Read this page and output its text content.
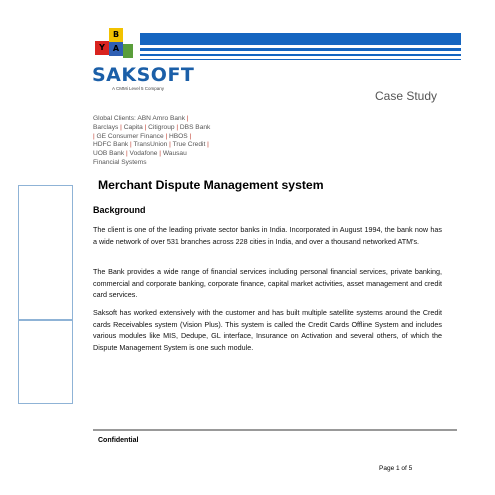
B
Y	A
SAKSOFT
A CMMi Level 5 Company
Case Study
Global Clients: ABN Amro Bank | Barclays | Capita | Citigroup | DBS Bank | GE Consumer Finance | HBOS | HDFC Bank | TransUnion | True Credit | UOB Bank | Vodafone | Wausau Financial Systems
Merchant Dispute Management system
Background
The client is one of the leading private sector banks in India. Incorporated in August 1994, the bank now has a wide network of over 531 branches across 228 cities in India, and over a thousand networked ATM's.
The Bank provides a wide range of financial services including personal financial services, private banking, commercial and corporate banking, corporate finance, capital market activities, asset management and credit card services.
Saksoft has worked extensively with the customer and has built multiple satellite systems around the Credit cards Receivables system (Vision Plus). This system is called the Credit Cards Offline System and includes various modules like MIS, Dedupe, GL interface, Insurance on Activation and several others, of which the Dispute Management System is one such module.
Confidential
Page 1 of 5
